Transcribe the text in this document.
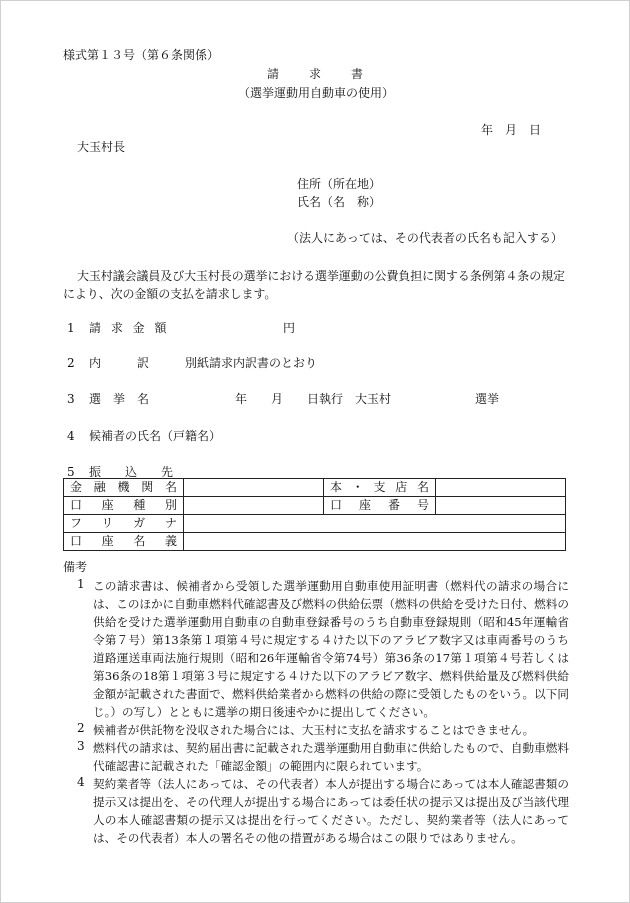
様式第１３号（第６条関係）
請　　求　　書
（選挙運動用自動車の使用）
年　月　日
大玉村長
住所（所在地）
氏名（名　称）
（法人にあっては、その代表者の氏名も記入する）
大玉村議会議員及び大玉村長の選挙における選挙運動の公費負担に関する条例第４条の規定により、次の金額の支払を請求します。
1 請 求 金 額	円
2 内　　　訳	別紙請求内訳書のとおり
3 選　挙　名	年　　月　　日執行　大玉村　　　　　　　選挙
4 候補者の氏名（戸籍名）
5 振　込　先
金融機関名		本・支店名	
口座種別		口座番号	
フリガナ			
口座名義			
備考
1 この請求書は、候補者から受領した選挙運動用自動車使用証明書（燃料代の請求の場合には、このほかに自動車燃料代確認書及び燃料の供給伝票（燃料の供給を受けた日付、燃料の供給を受けた選挙運動用自動車の自動車登録番号のうち自動車登録規則（昭和45年運輸省令第７号）第13条第１項第４号に規定する４けた以下のアラビア数字又は車両番号のうち道路運送車両法施行規則（昭和26年運輸省令第74号）第36条の17第１項第４号若しくは第36条の18第１項第３号に規定する４けた以下のアラビア数字、燃料供給量及び燃料供給金額が記載された書面で、燃料供給業者から燃料の供給の際に受領したものをいう。以下同じ。）の写し）とともに選挙の期日後速やかに提出してください。
2 候補者が供託物を没収された場合には、大玉村に支払を請求することはできません。
3 燃料代の請求は、契約届出書に記載された選挙運動用自動車に供給したもので、自動車燃料代確認書に記載された「確認金額」の範囲内に限られています。
4 契約業者等（法人にあっては、その代表者）本人が提出する場合にあっては本人確認書類の提示又は提出を、その代理人が提出する場合にあっては委任状の提示又は提出及び当該代理人の本人確認書類の提示又は提出を行ってください。ただし、契約業者等（法人にあっては、その代表者）本人の署名その他の措置がある場合はこの限りではありません。
